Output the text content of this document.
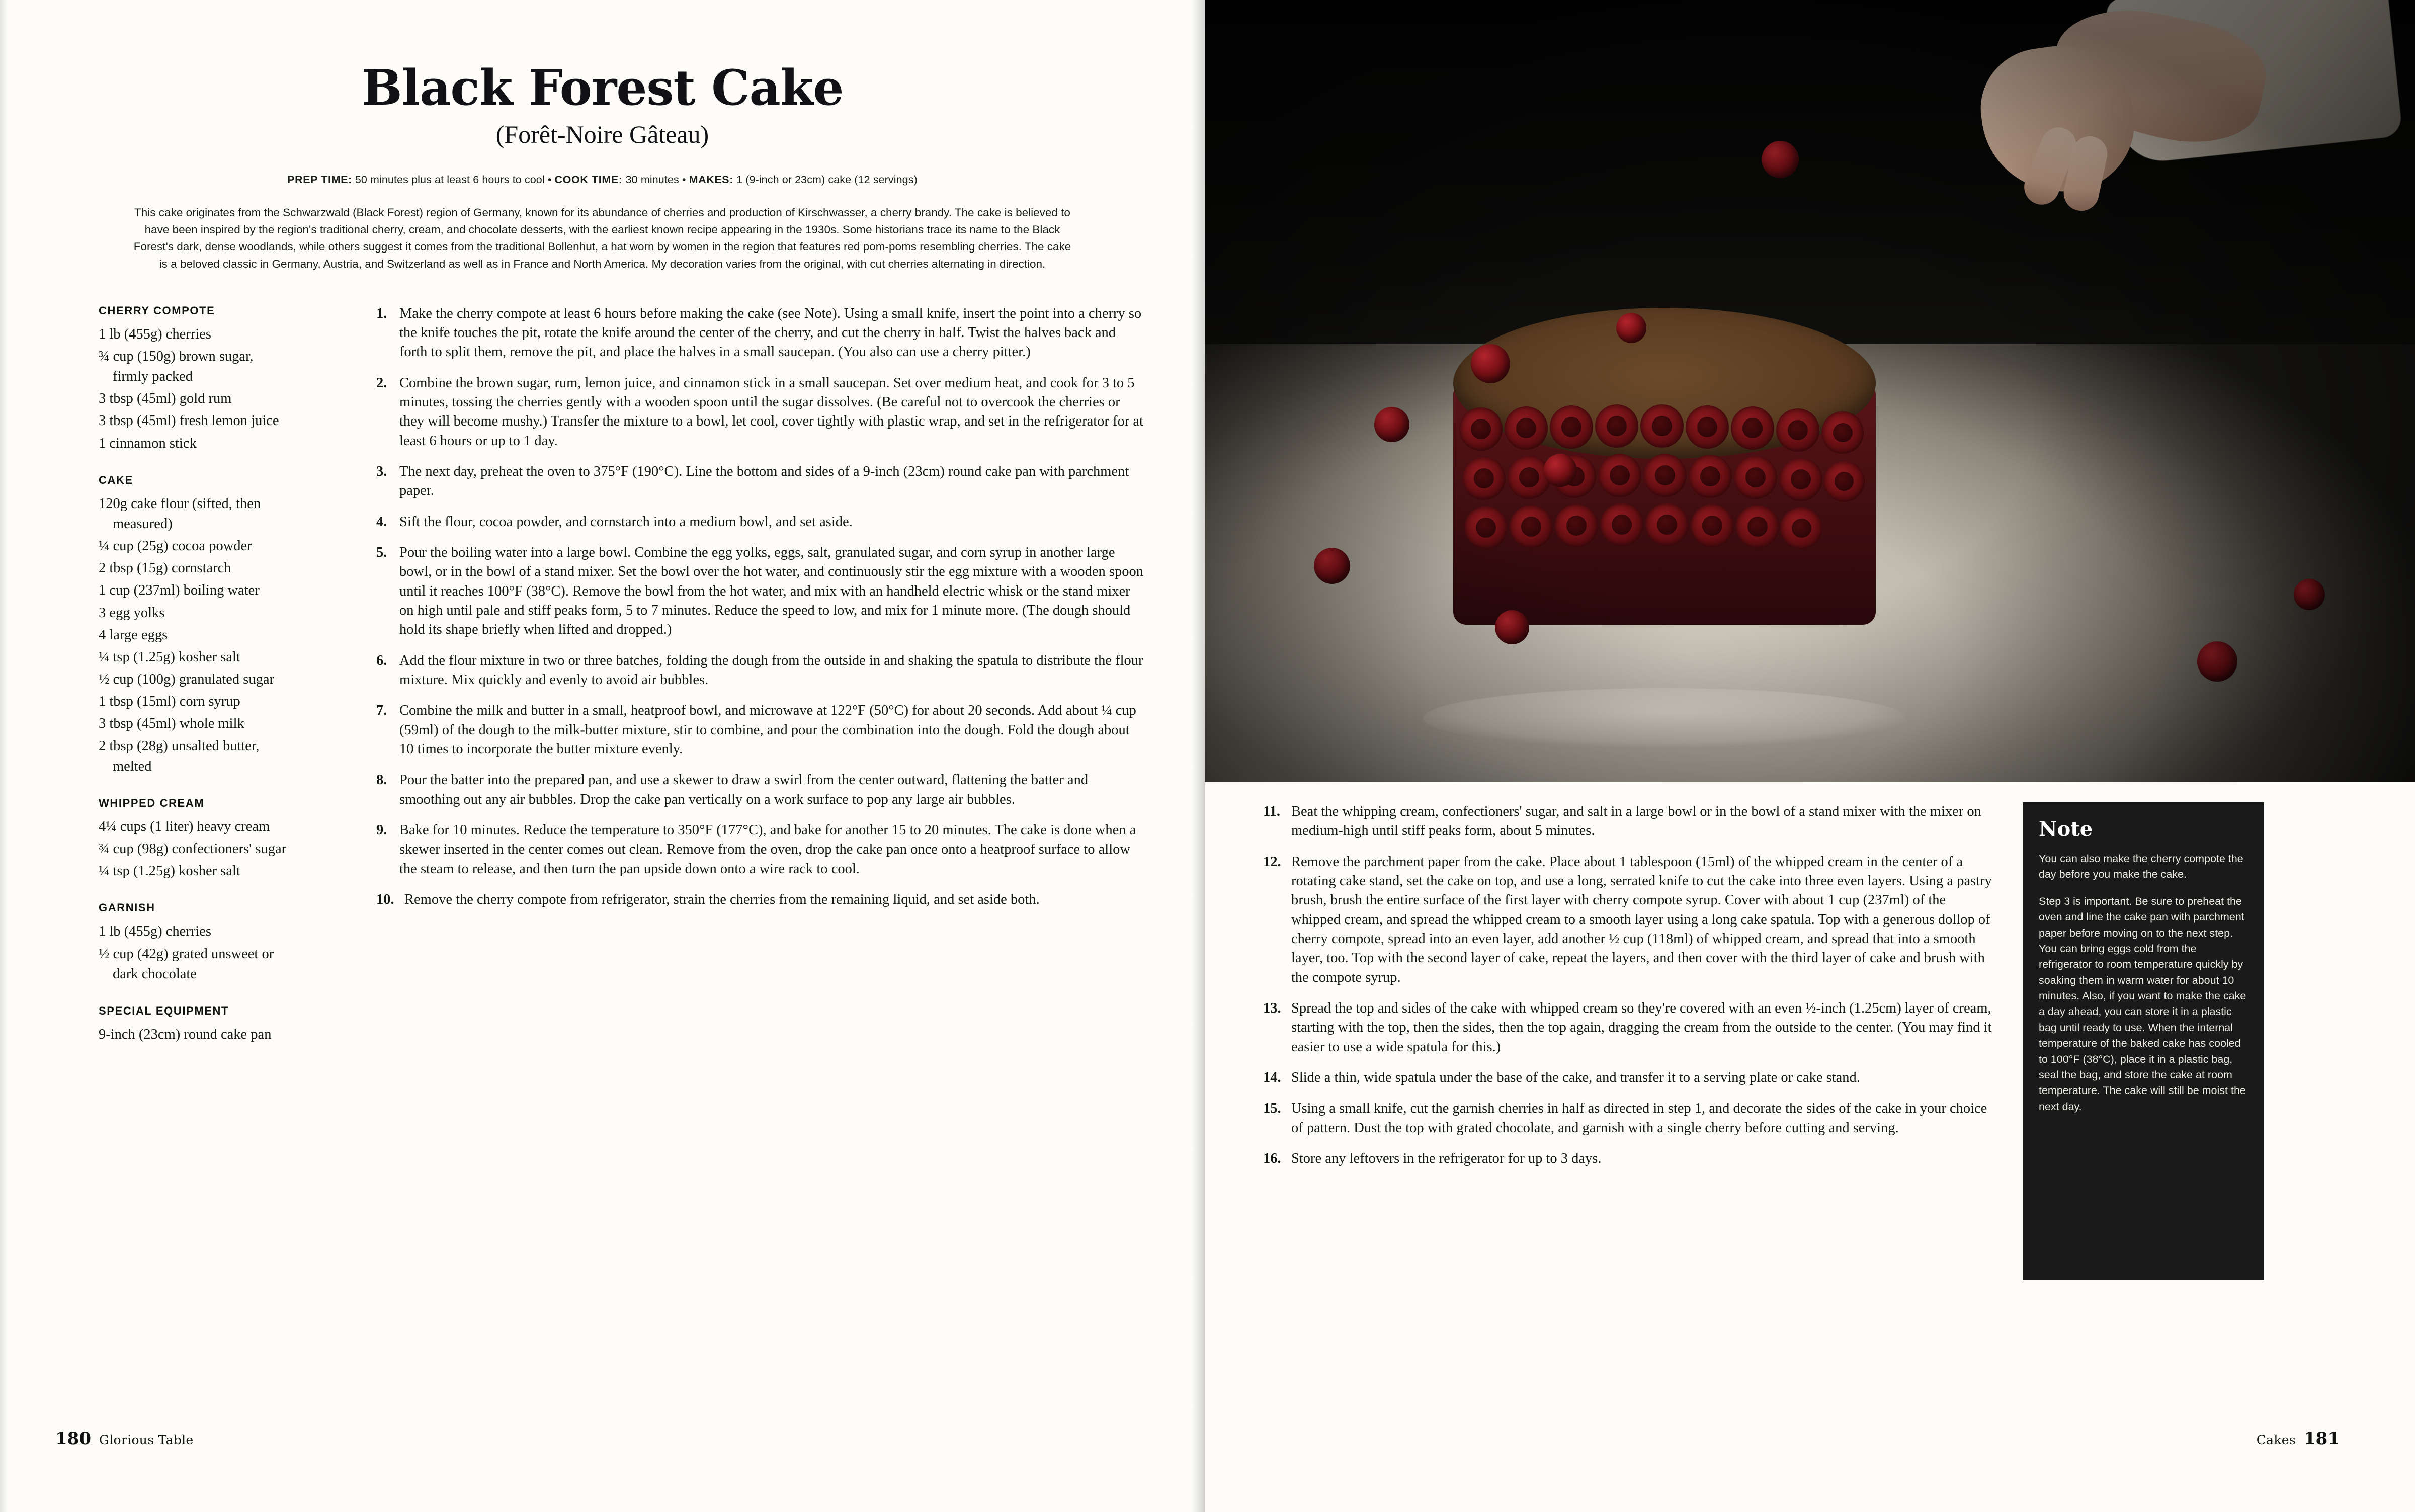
Black Forest Cake
(Forêt-Noire Gâteau)
PREP TIME: 50 minutes plus at least 6 hours to cool • COOK TIME: 30 minutes • MAKES: 1 (9-inch or 23cm) cake (12 servings)
This cake originates from the Schwarzwald (Black Forest) region of Germany, known for its abundance of cherries and production of Kirschwasser, a cherry brandy. The cake is believed to have been inspired by the region's traditional cherry, cream, and chocolate desserts, with the earliest known recipe appearing in the 1930s. Some historians trace its name to the Black Forest's dark, dense woodlands, while others suggest it comes from the traditional Bollenhut, a hat worn by women in the region that features red pom-poms resembling cherries. The cake is a beloved classic in Germany, Austria, and Switzerland as well as in France and North America. My decoration varies from the original, with cut cherries alternating in direction.
CHERRY COMPOTE
1 lb (455g) cherries
¾ cup (150g) brown sugar,
firmly packed
3 tbsp (45ml) gold rum
3 tbsp (45ml) fresh lemon juice
1 cinnamon stick
CAKE
120g cake flour (sifted, then
measured)
¼ cup (25g) cocoa powder
2 tbsp (15g) cornstarch
1 cup (237ml) boiling water
3 egg yolks
4 large eggs
¼ tsp (1.25g) kosher salt
½ cup (100g) granulated sugar
1 tbsp (15ml) corn syrup
3 tbsp (45ml) whole milk
2 tbsp (28g) unsalted butter,
melted
WHIPPED CREAM
4¼ cups (1 liter) heavy cream
¾ cup (98g) confectioners' sugar
¼ tsp (1.25g) kosher salt
GARNISH
1 lb (455g) cherries
½ cup (42g) grated unsweet or
dark chocolate
SPECIAL EQUIPMENT
9-inch (23cm) round cake pan
1. Make the cherry compote at least 6 hours before making the cake (see Note). Using a small knife, insert the point into a cherry so the knife touches the pit, rotate the knife around the center of the cherry, and cut the cherry in half. Twist the halves back and forth to split them, remove the pit, and place the halves in a small saucepan. (You also can use a cherry pitter.)
2. Combine the brown sugar, rum, lemon juice, and cinnamon stick in a small saucepan. Set over medium heat, and cook for 3 to 5 minutes, tossing the cherries gently with a wooden spoon until the sugar dissolves. (Be careful not to overcook the cherries or they will become mushy.) Transfer the mixture to a bowl, let cool, cover tightly with plastic wrap, and set in the refrigerator for at least 6 hours or up to 1 day.
3. The next day, preheat the oven to 375°F (190°C). Line the bottom and sides of a 9-inch (23cm) round cake pan with parchment paper.
4. Sift the flour, cocoa powder, and cornstarch into a medium bowl, and set aside.
5. Pour the boiling water into a large bowl. Combine the egg yolks, eggs, salt, granulated sugar, and corn syrup in another large bowl, or in the bowl of a stand mixer. Set the bowl over the hot water, and continuously stir the egg mixture with a wooden spoon until it reaches 100°F (38°C). Remove the bowl from the hot water, and mix with an handheld electric whisk or the stand mixer on high until pale and stiff peaks form, 5 to 7 minutes. Reduce the speed to low, and mix for 1 minute more. (The dough should hold its shape briefly when lifted and dropped.)
6. Add the flour mixture in two or three batches, folding the dough from the outside in and shaking the spatula to distribute the flour mixture. Mix quickly and evenly to avoid air bubbles.
7. Combine the milk and butter in a small, heatproof bowl, and microwave at 122°F (50°C) for about 20 seconds. Add about ¼ cup (59ml) of the dough to the milk-butter mixture, stir to combine, and pour the combination into the dough. Fold the dough about 10 times to incorporate the butter mixture evenly.
8. Pour the batter into the prepared pan, and use a skewer to draw a swirl from the center outward, flattening the batter and smoothing out any air bubbles. Drop the cake pan vertically on a work surface to pop any large air bubbles.
9. Bake for 10 minutes. Reduce the temperature to 350°F (177°C), and bake for another 15 to 20 minutes. The cake is done when a skewer inserted in the center comes out clean. Remove from the oven, drop the cake pan once onto a heatproof surface to allow the steam to release, and then turn the pan upside down onto a wire rack to cool.
10. Remove the cherry compote from refrigerator, strain the cherries from the remaining liquid, and set aside both.
180 Glorious Table
11. Beat the whipping cream, confectioners' sugar, and salt in a large bowl or in the bowl of a stand mixer with the mixer on medium-high until stiff peaks form, about 5 minutes.
12. Remove the parchment paper from the cake. Place about 1 tablespoon (15ml) of the whipped cream in the center of a rotating cake stand, set the cake on top, and use a long, serrated knife to cut the cake into three even layers. Using a pastry brush, brush the entire surface of the first layer with cherry compote syrup. Cover with about 1 cup (237ml) of the whipped cream, and spread the whipped cream to a smooth layer using a long cake spatula. Top with a generous dollop of cherry compote, spread into an even layer, add another ½ cup (118ml) of whipped cream, and spread that into a smooth layer, too. Top with the second layer of cake, repeat the layers, and then cover with the third layer of cake and brush with the compote syrup.
13. Spread the top and sides of the cake with whipped cream so they're covered with an even ½-inch (1.25cm) layer of cream, starting with the top, then the sides, then the top again, dragging the cream from the outside to the center. (You may find it easier to use a wide spatula for this.)
14. Slide a thin, wide spatula under the base of the cake, and transfer it to a serving plate or cake stand.
15. Using a small knife, cut the garnish cherries in half as directed in step 1, and decorate the sides of the cake in your choice of pattern. Dust the top with grated chocolate, and garnish with a single cherry before cutting and serving.
16. Store any leftovers in the refrigerator for up to 3 days.
Note

You can also make the cherry compote the day before you make the cake.

Step 3 is important. Be sure to preheat the oven and line the cake pan with parchment paper before moving on to the next step. You can bring eggs cold from the refrigerator to room temperature quickly by soaking them in warm water for about 10 minutes. Also, if you want to make the cake a day ahead, you can store it in a plastic bag until ready to use. When the internal temperature of the baked cake has cooled to 100°F (38°C), place it in a plastic bag, seal the bag, and store the cake at room temperature. The cake will still be moist the next day.

Cakes 181
